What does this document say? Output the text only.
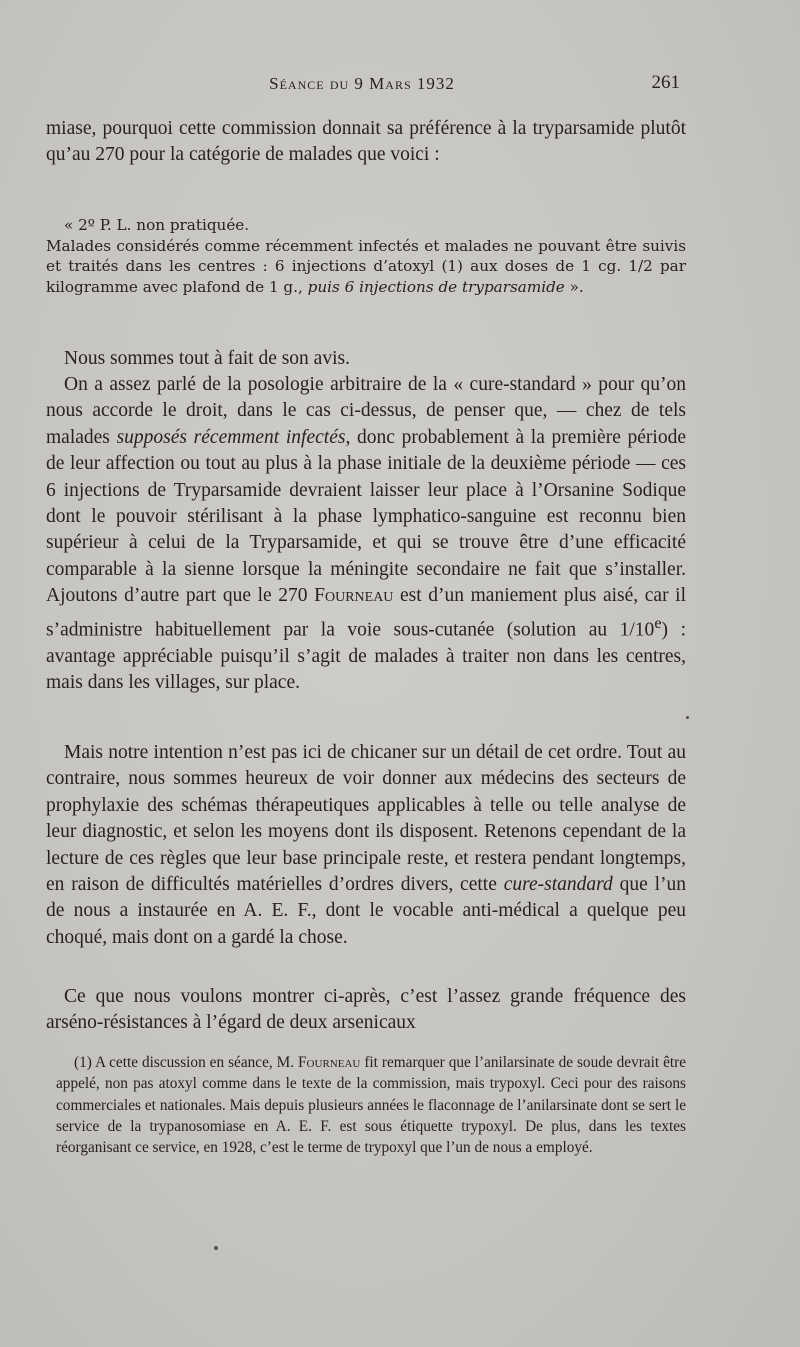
Séance du 9 Mars 1932	261

miase, pourquoi cette commission donnait sa préférence à la tryparsamide plutôt qu’au 270 pour la catégorie de malades que voici :

« 2º P. L. non pratiquée.
Malades considérés comme récemment infectés et malades ne pouvant être suivis et traités dans les centres : 6 injections d’atoxyl (1) aux doses de 1 cg. 1/2 par kilogramme avec plafond de 1 g., puis 6 injections de tryparsamide ».

Nous sommes tout à fait de son avis.

On a assez parlé de la posologie arbitraire de la « cure-standard » pour qu’on nous accorde le droit, dans le cas ci-dessus, de penser que, — chez de tels malades supposés récemment infectés, donc probablement à la première période de leur affection ou tout au plus à la phase initiale de la deuxième période — ces 6 injections de Tryparsamide devraient laisser leur place à l’Orsanine Sodique dont le pouvoir stérilisant à la phase lymphatico-sanguine est reconnu bien supérieur à celui de la Tryparsamide, et qui se trouve être d’une efficacité comparable à la sienne lorsque la méningite secondaire ne fait que s’installer. Ajoutons d’autre part que le 270 Fourneau est d’un maniement plus aisé, car il s’administre habituellement par la voie sous-cutanée (solution au 1/10e) : avantage appréciable puisqu’il s’agit de malades à traiter non dans les centres, mais dans les villages, sur place.

Mais notre intention n’est pas ici de chicaner sur un détail de cet ordre. Tout au contraire, nous sommes heureux de voir donner aux médecins des secteurs de prophylaxie des schémas thérapeutiques applicables à telle ou telle analyse de leur diagnostic, et selon les moyens dont ils disposent. Retenons cependant de la lecture de ces règles que leur base principale reste, et restera pendant longtemps, en raison de difficultés matérielles d’ordres divers, cette cure-standard que l’un de nous a instaurée en A. E. F., dont le vocable anti-médical a quelque peu choqué, mais dont on a gardé la chose.

Ce que nous voulons montrer ci-après, c’est l’assez grande fréquence des arséno-résistances à l’égard de deux arsenicaux

(1) A cette discussion en séance, M. Fourneau fit remarquer que l’anilarsinate de soude devrait être appelé, non pas atoxyl comme dans le texte de la commission, mais trypoxyl. Ceci pour des raisons commerciales et nationales. Mais depuis plusieurs années le flaconnage de l’anilarsinate dont se sert le service de la trypanosomiase en A. E. F. est sous étiquette trypoxyl. De plus, dans les textes réorganisant ce service, en 1928, c’est le terme de trypoxyl que l’un de nous a employé.
